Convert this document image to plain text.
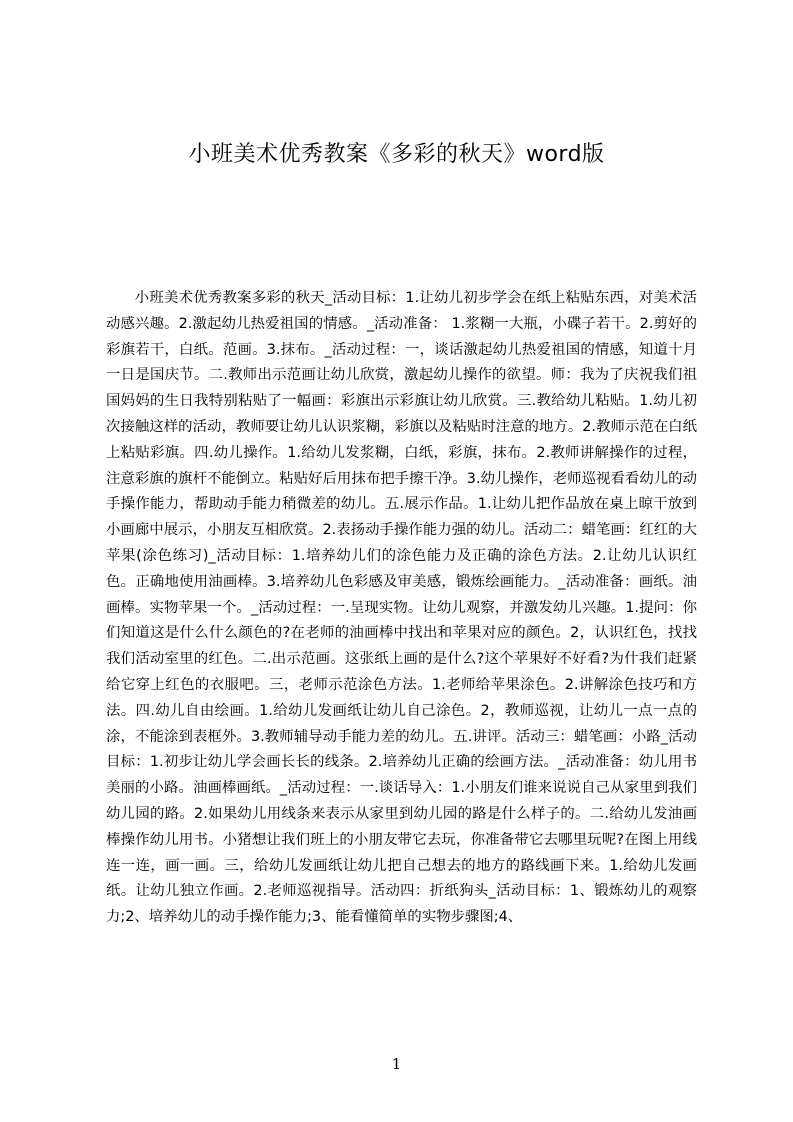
小班美术优秀教案《多彩的秋天》word版
小班美术优秀教案多彩的秋天_活动目标：1.让幼儿初步学会在纸上粘贴东西，对美术活动感兴趣。2.激起幼儿热爱祖国的情感。_活动准备： 1.浆糊一大瓶，小碟子若干。2.剪好的彩旗若干，白纸。范画。3.抹布。_活动过程：一，谈话激起幼儿热爱祖国的情感，知道十月一日是国庆节。二.教师出示范画让幼儿欣赏，激起幼儿操作的欲望。师：我为了庆祝我们祖国妈妈的生日我特别粘贴了一幅画：彩旗出示彩旗让幼儿欣赏。三.教给幼儿粘贴。1.幼儿初次接触这样的活动，教师要让幼儿认识浆糊，彩旗以及粘贴时注意的地方。2.教师示范在白纸上粘贴彩旗。四.幼儿操作。1.给幼儿发浆糊，白纸，彩旗，抹布。2.教师讲解操作的过程，注意彩旗的旗杆不能倒立。粘贴好后用抹布把手擦干净。3.幼儿操作，老师巡视看看幼儿的动手操作能力，帮助动手能力稍微差的幼儿。五.展示作品。1.让幼儿把作品放在桌上晾干放到小画廊中展示，小朋友互相欣赏。2.表扬动手操作能力强的幼儿。活动二：蜡笔画：红红的大苹果(涂色练习)_活动目标：1.培养幼儿们的涂色能力及正确的涂色方法。2.让幼儿认识红色。正确地使用油画棒。3.培养幼儿色彩感及审美感，锻炼绘画能力。_活动准备：画纸。油画棒。实物苹果一个。_活动过程：一.呈现实物。让幼儿观察，并激发幼儿兴趣。1.提问：你们知道这是什么什么颜色的?在老师的油画棒中找出和苹果对应的颜色。2，认识红色，找找我们活动室里的红色。二.出示范画。这张纸上画的是什么?这个苹果好不好看?为什我们赶紧给它穿上红色的衣服吧。三，老师示范涂色方法。1.老师给苹果涂色。2.讲解涂色技巧和方法。四.幼儿自由绘画。1.给幼儿发画纸让幼儿自己涂色。2，教师巡视，让幼儿一点一点的涂，不能涂到表框外。3.教师辅导动手能力差的幼儿。五.讲评。活动三：蜡笔画：小路_活动目标：1.初步让幼儿学会画长长的线条。2.培养幼儿正确的绘画方法。_活动准备：幼儿用书美丽的小路。油画棒画纸。_活动过程：一.谈话导入：1.小朋友们谁来说说自己从家里到我们幼儿园的路。2.如果幼儿用线条来表示从家里到幼儿园的路是什么样子的。二.给幼儿发油画棒操作幼儿用书。小猪想让我们班上的小朋友带它去玩，你准备带它去哪里玩呢?在图上用线连一连，画一画。三，给幼儿发画纸让幼儿把自己想去的地方的路线画下来。1.给幼儿发画纸。让幼儿独立作画。2.老师巡视指导。活动四：折纸狗头_活动目标：1、锻炼幼儿的观察力;2、培养幼儿的动手操作能力;3、能看懂简单的实物步骤图;4、
1
